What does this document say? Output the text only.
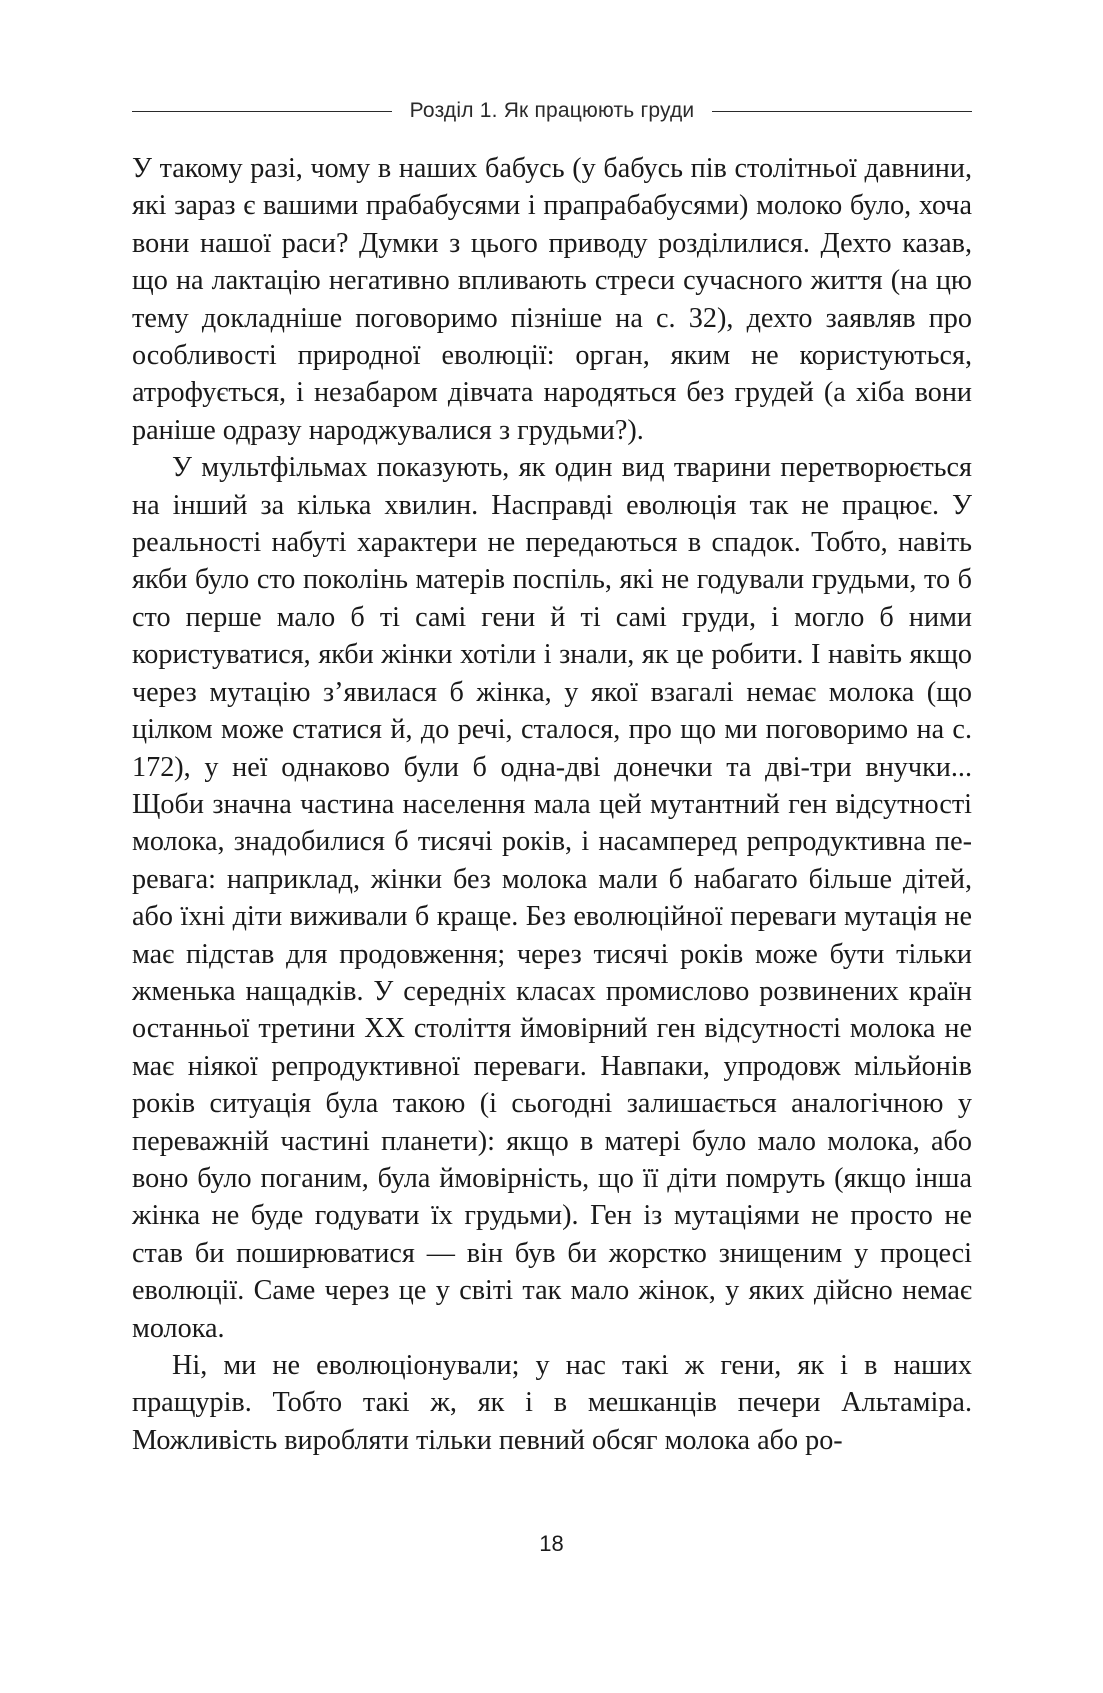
Розділ 1. Як працюють груди

У такому разі, чому в наших бабусь (у бабусь пів столітньої давнини, які зараз є вашими прабабусями і прапрабабусями) молоко було, хоча вони нашої раси? Думки з цього приводу розділилися. Дехто казав, що на лактацію негативно впливають стреси сучасного життя (на цю тему докладніше поговоримо пізніше на с. 32), дехто заявляв про особливості природної еволюції: орган, яким не користуються, атрофується, і незабаром дівчата народяться без грудей (а хіба вони раніше одразу народжувалися з грудьми?).

У мультфільмах показують, як один вид тварини перетворюється на інший за кілька хвилин. Насправді еволюція так не працює. У реальності набуті характери не передаються в спадок. Тобто, навіть якби було сто поколінь матерів поспіль, які не годували грудьми, то б сто перше мало б ті самі гени й ті самі груди, і могло б ними користуватися, якби жінки хотіли і знали, як це робити. І навіть якщо через мутацію з’явилася б жінка, у якої взагалі немає молока (що цілком може статися й, до речі, сталося, про що ми поговоримо на с. 172), у неї однаково були б одна-дві донечки та дві-три внучки... Щоби значна частина населення мала цей мутантний ген відсутності молока, знадобилися б тисячі років, і насамперед репродуктивна перевага: наприклад, жінки без молока мали б набагато більше дітей, або їхні діти виживали б краще. Без еволюційної переваги мутація не має підстав для продовження; через тисячі років може бути тільки жменька нащадків. У середніх класах промислово розвинених країн останньої третини XX століття ймовірний ген відсутності молока не має ніякої репродуктивної переваги. Навпаки, упродовж мільйонів років ситуація була такою (і сьогодні залишається аналогічною у переважній частині планети): якщо в матері було мало молока, або воно було поганим, була ймовірність, що її діти помруть (якщо інша жінка не буде годувати їх грудьми). Ген із мутаціями не просто не став би поширюватися — він був би жорстко знищеним у процесі еволюції. Саме через це у світі так мало жінок, у яких дійсно немає молока.

Ні, ми не еволюціонували; у нас такі ж гени, як і в наших пращурів. Тобто такі ж, як і в мешканців печери Альтаміра. Можливість виробляти тільки певний обсяг молока або ро-

18
